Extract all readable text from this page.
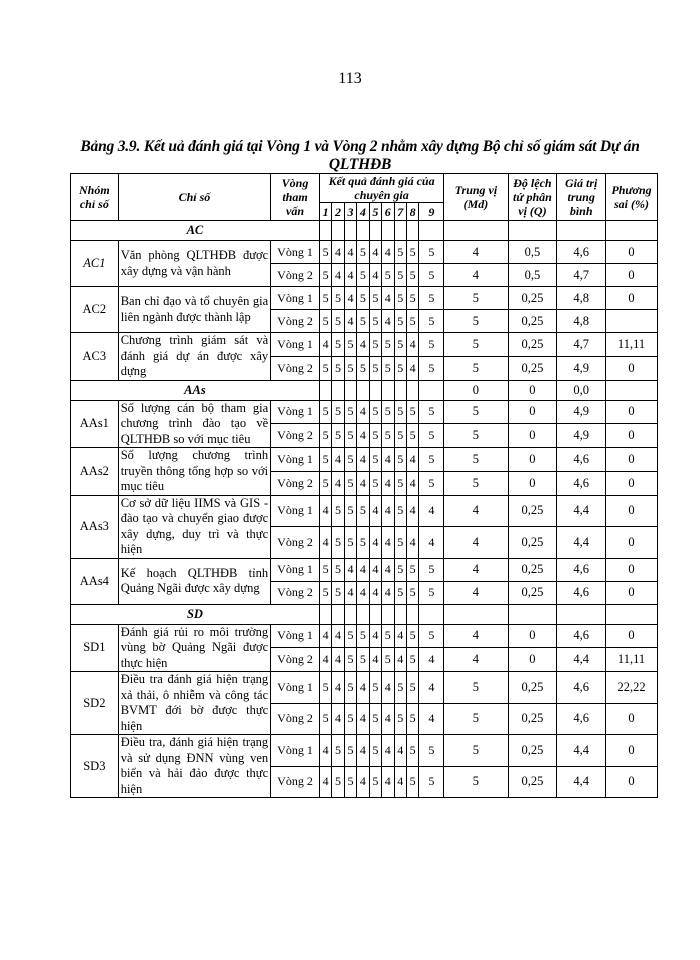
113
Bảng 3.9. Kết uả đánh giá tại Vòng 1 và Vòng 2 nhằm xây dựng Bộ chỉ số giám sát Dự án QLTHĐB
Nhóm chỉ số	Chỉ số	Vòng tham vấn	Kết quả đánh giá của chuyên gia									Trung vị (Md)	Độ lệch tứ phân vị (Q)	Giá trị trung bình	Phương sai (%)
			1	2	3	4	5	6	7	8	9				
AC															
AC1	Văn phòng QLTHĐB được xây dựng và vận hành	Vòng 1	5	4	4	5	4	4	5	5	5	4	0,5	4,6	0
		Vòng 2	5	4	4	5	4	5	5	5	5	4	0,5	4,7	0
AC2	Ban chỉ đạo và tổ chuyên gia liên ngành được thành lập	Vòng 1	5	5	4	5	5	4	5	5	5	5	0,25	4,8	0
		Vòng 2	5	5	4	5	5	4	5	5	5	5	0,25	4,8	
AC3	Chương trình giám sát và đánh giá dự án được xây dựng	Vòng 1	4	5	5	4	5	5	5	4	5	5	0,25	4,7	11,11
		Vòng 2	5	5	5	5	5	5	5	4	5	5	0,25	4,9	0
AAs												0	0	0,0	
AAs1	Số lượng cán bộ tham gia chương trình đào tạo về QLTHĐB so với mục tiêu	Vòng 1	5	5	5	4	5	5	5	5	5	5	0	4,9	0
		Vòng 2	5	5	5	4	5	5	5	5	5	5	0	4,9	0
AAs2	Số lượng chương trình truyền thông tổng hợp so với mục tiêu	Vòng 1	5	4	5	4	5	4	5	4	5	5	0	4,6	0
		Vòng 2	5	4	5	4	5	4	5	4	5	5	0	4,6	0
AAs3	Cơ sở dữ liệu IIMS và GIS - đào tạo và chuyển giao được xây dựng, duy trì và thực hiện	Vòng 1	4	5	5	5	4	4	5	4	4	4	0,25	4,4	0
		Vòng 2	4	5	5	5	4	4	5	4	4	4	0,25	4,4	0
AAs4	Kế hoạch QLTHĐB tỉnh Quảng Ngãi được xây dựng	Vòng 1	5	5	4	4	4	4	5	5	5	4	0,25	4,6	0
		Vòng 2	5	5	4	4	4	4	5	5	5	4	0,25	4,6	0
SD															
SD1	Đánh giá rủi ro môi trường vùng bờ Quảng Ngãi được thực hiện	Vòng 1	4	4	5	5	4	5	4	5	5	4	0	4,6	0
		Vòng 2	4	4	5	5	4	5	4	5	4	4	0	4,4	11,11
SD2	Điều tra đánh giá hiện trạng xả thải, ô nhiễm và công tác BVMT đới bờ được thực hiện	Vòng 1	5	4	5	4	5	4	5	5	4	5	0,25	4,6	22,22
		Vòng 2	5	4	5	4	5	4	5	5	4	5	0,25	4,6	0
SD3	Điều tra, đánh giá hiện trạng và sử dụng ĐNN vùng ven biển và hải đảo được thực hiện	Vòng 1	4	5	5	4	5	4	4	5	5	5	0,25	4,4	0
		Vòng 2	4	5	5	4	5	4	4	5	5	5	0,25	4,4	0
